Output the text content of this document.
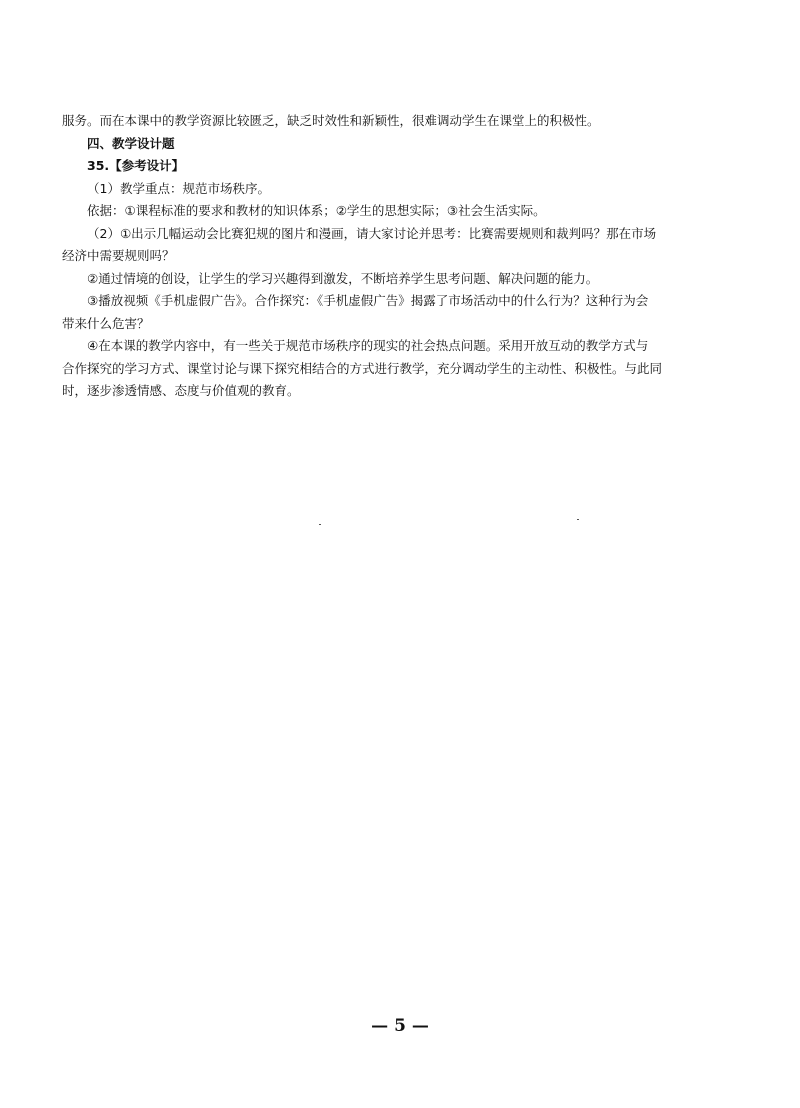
服务。而在本课中的教学资源比较匮乏，缺乏时效性和新颖性，很难调动学生在课堂上的积极性。
四、教学设计题
35.【参考设计】
（1）教学重点：规范市场秩序。
依据：①课程标准的要求和教材的知识体系；②学生的思想实际；③社会生活实际。
（2）①出示几幅运动会比赛犯规的图片和漫画，请大家讨论并思考：比赛需要规则和裁判吗？那在市场
经济中需要规则吗？
②通过情境的创设，让学生的学习兴趣得到激发，不断培养学生思考问题、解决问题的能力。
③播放视频《手机虚假广告》。合作探究：《手机虚假广告》揭露了市场活动中的什么行为？这种行为会
带来什么危害？
④在本课的教学内容中，有一些关于规范市场秩序的现实的社会热点问题。采用开放互动的教学方式与
合作探究的学习方式、课堂讨论与课下探究相结合的方式进行教学，充分调动学生的主动性、积极性。与此同
时，逐步渗透情感、态度与价值观的教育。
— 5 —
